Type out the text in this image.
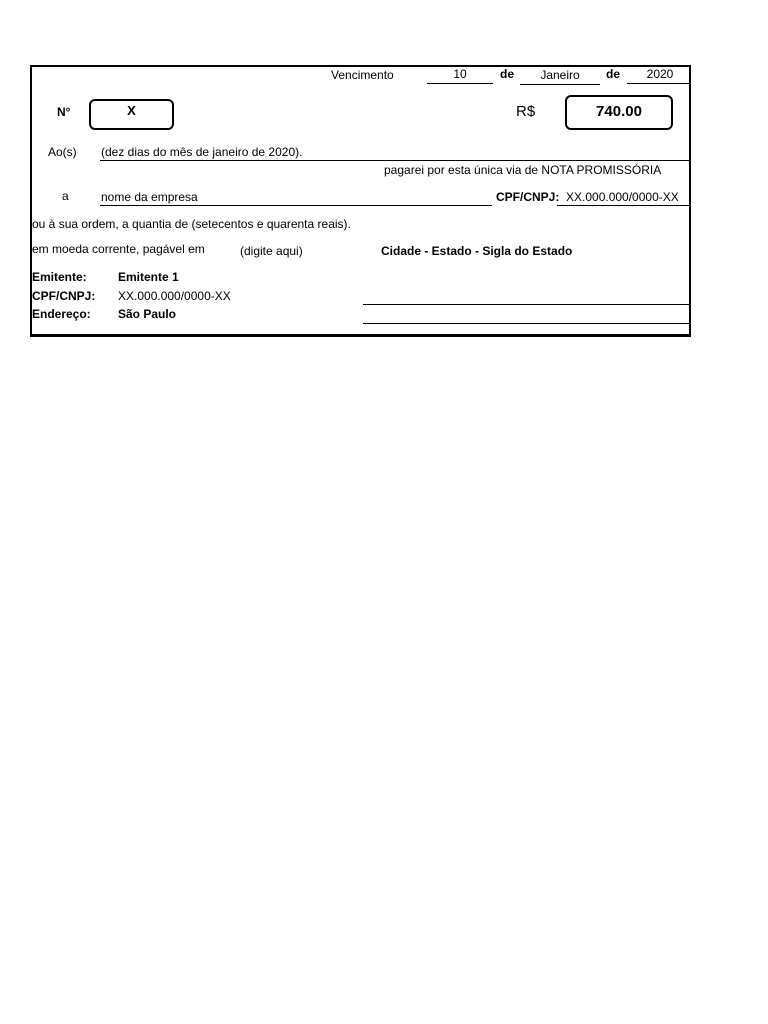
Vencimento	10	de	Janeiro	de	2020
N°	X	R$	740.00
Ao(s) (dez dias do mês de janeiro de 2020).
pagarei por esta única via de NOTA PROMISSÓRIA
a	nome da empresa	CPF/CNPJ: XX.000.000/0000-XX
ou à sua ordem, a quantia de (setecentos e quarenta reais).
em moeda corrente, pagável em	(digite aqui)	Cidade - Estado - Sigla do Estado
Emitente:	Emitente 1
CPF/CNPJ: XX.000.000/0000-XX
Endereço: São Paulo
